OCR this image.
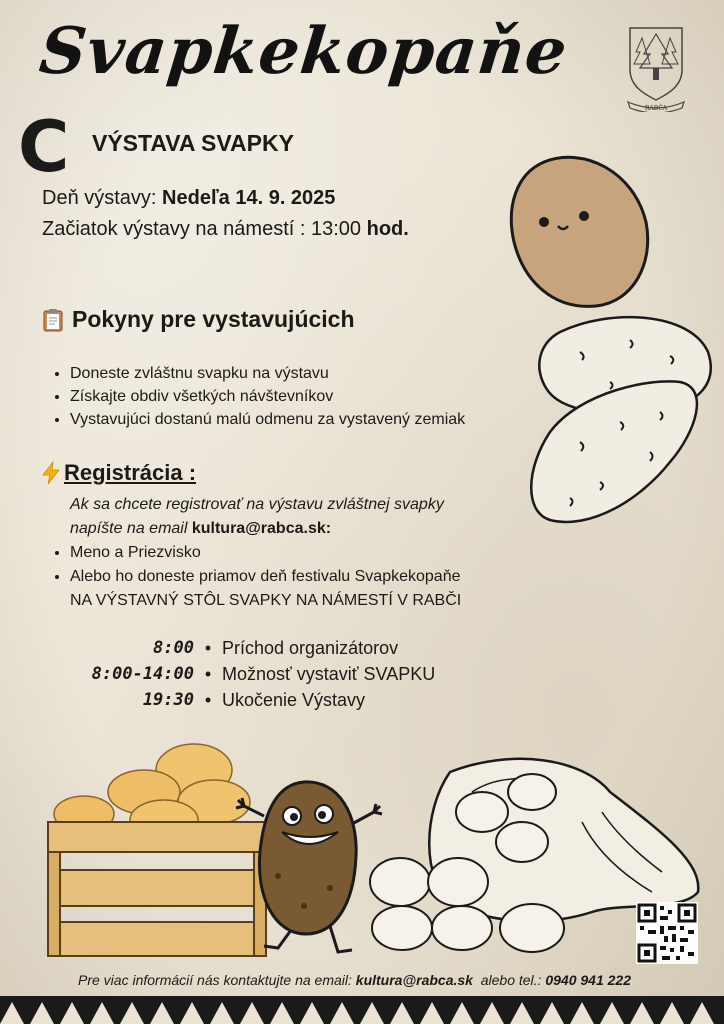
Svapkekopaňe
RABČA
C VÝSTAVA SVAPKY
Deň výstavy: Nedeľa 14. 9. 2025
Začiatok výstavy na námestí : 13:00 hod.
Pokyny pre vystavujúcich
• Doneste zvláštnu svapku na výstavu
• Získajte obdiv všetkých návštevníkov
• Vystavujúci dostanú malú odmenu za vystavený zemiak
Registrácia :
Ak sa chcete registrovať na výstavu zvláštnej svapky
napíšte na email kultura@rabca.sk:
• Meno a Priezvisko
• Alebo ho doneste priamov deň festivalu Svapkekopaňe
NA VÝSTAVNÝ STÔL SVAPKY NA NÁMESTÍ V RABČI
8:00 • Príchod organizátorov
8:00-14:00 • Možnosť vystaviť SVAPKU
19:30 • Ukočenie Výstavy
Pre viac informácií nás kontaktujte na email: kultura@rabca.sk alebo tel.: 0940 941 222
